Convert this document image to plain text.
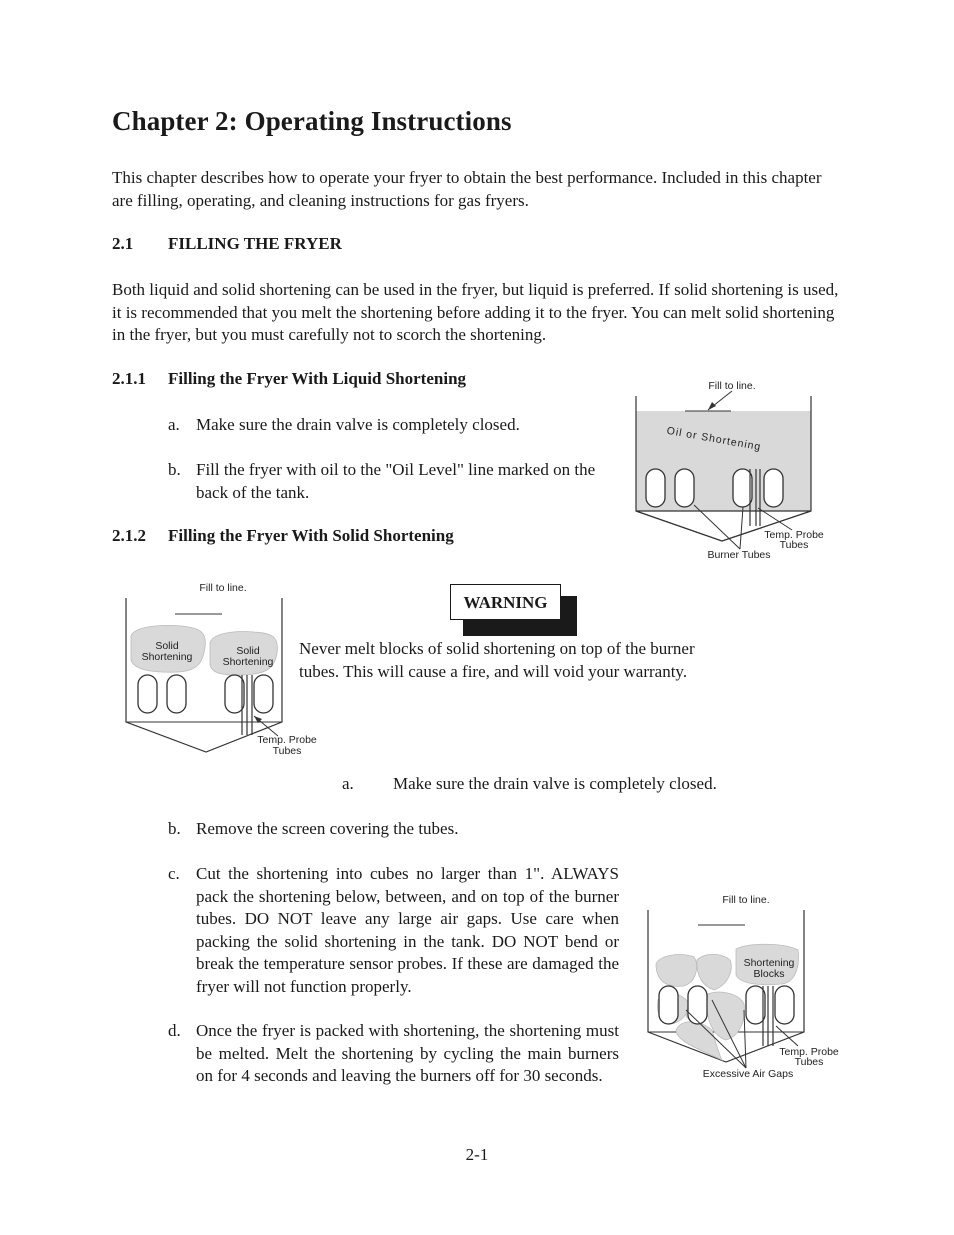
Chapter 2: Operating Instructions
This chapter describes how to operate your fryer to obtain the best performance. Included in this chapter are filling, operating, and cleaning instructions for gas fryers.
2.1 FILLING THE FRYER
Both liquid and solid shortening can be used in the fryer, but liquid is preferred. If solid shortening is used, it is recommended that you melt the shortening before adding it to the fryer. You can melt solid shortening in the fryer, but you must carefully not to scorch the shortening.
2.1.1 Filling the Fryer With Liquid Shortening
a. Make sure the drain valve is completely closed.
b. Fill the fryer with oil to the "Oil Level" line marked on the back of the tank.
2.1.2 Filling the Fryer With Solid Shortening
Fill to line.
Oil or Shortening
Temp. Probe
Tubes
Burner Tubes
Fill to line.
Solid
Shortening	Solid
Shortening
Temp. Probe
Tubes
WARNING
Never melt blocks of solid shortening on top of the burner tubes. This will cause a fire, and will void your warranty.
a. Make sure the drain valve is completely closed.
b. Remove the screen covering the tubes.
c. Cut the shortening into cubes no larger than 1". ALWAYS pack the shortening below, between, and on top of the burner tubes. DO NOT leave any large air gaps. Use care when packing the solid shortening in the tank. DO NOT bend or break the temperature sensor probes. If these are damaged the fryer will not function properly.
d. Once the fryer is packed with shortening, the shortening must be melted. Melt the shortening by cycling the main burners on for 4 seconds and leaving the burners off for 30 seconds.
Fill to line.
Shortening
Blocks
Temp. Probe
Tubes
Excessive Air Gaps
2-1
